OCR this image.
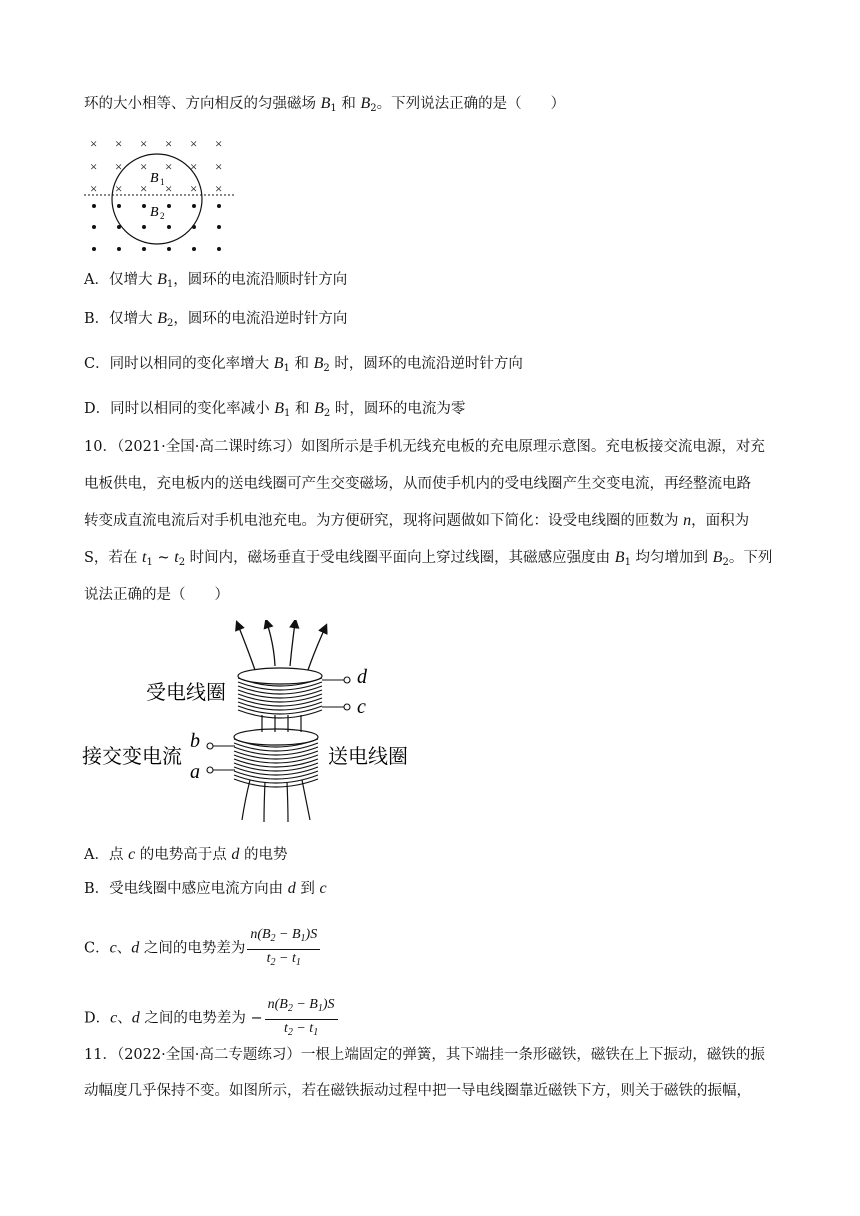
环的大小相等、方向相反的匀强磁场 $B_1$ 和 $B_2$。下列说法正确的是（　　）
× × × × × ×
× × × × × ×
× × × × × ×
B 1
B 2
A．仅增大 $B_1$，圆环的电流沿顺时针方向
B．仅增大 $B_2$，圆环的电流沿逆时针方向
C．同时以相同的变化率增大 $B_1$ 和 $B_2$ 时，圆环的电流沿逆时针方向
D．同时以相同的变化率减小 $B_1$ 和 $B_2$ 时，圆环的电流为零
10．（2021·全国·高二课时练习）如图所示是手机无线充电板的充电原理示意图。充电板接交流电源，对充
电板供电，充电板内的送电线圈可产生交变磁场，从而使手机内的受电线圈产生交变电流，再经整流电路
转变成直流电流后对手机电池充电。为方便研究，现将问题做如下简化：设受电线圈的匝数为 n，面积为
S，若在 $t_1$ ~ $t_2$ 时间内，磁场垂直于受电线圈平面向上穿过线圈，其磁感应强度由 $B_1$ 均匀增加到 $B_2$。下列
说法正确的是（　　）
d
c
b
a
受电线圈
接交变电流	送电线圈
A．点 c 的电势高于点 d 的电势
B．受电线圈中感应电流方向由 d 到 c
C．c、d 之间的电势差为 $\frac{n(B_2 - B_1)S}{t_2 - t_1}$
D．c、d 之间的电势差为 − $\frac{n(B_2 - B_1)S}{t_2 - t_1}$
11．（2022·全国·高二专题练习）一根上端固定的弹簧，其下端挂一条形磁铁，磁铁在上下振动，磁铁的振
动幅度几乎保持不变。如图所示，若在磁铁振动过程中把一导电线圈靠近磁铁下方，则关于磁铁的振幅，
